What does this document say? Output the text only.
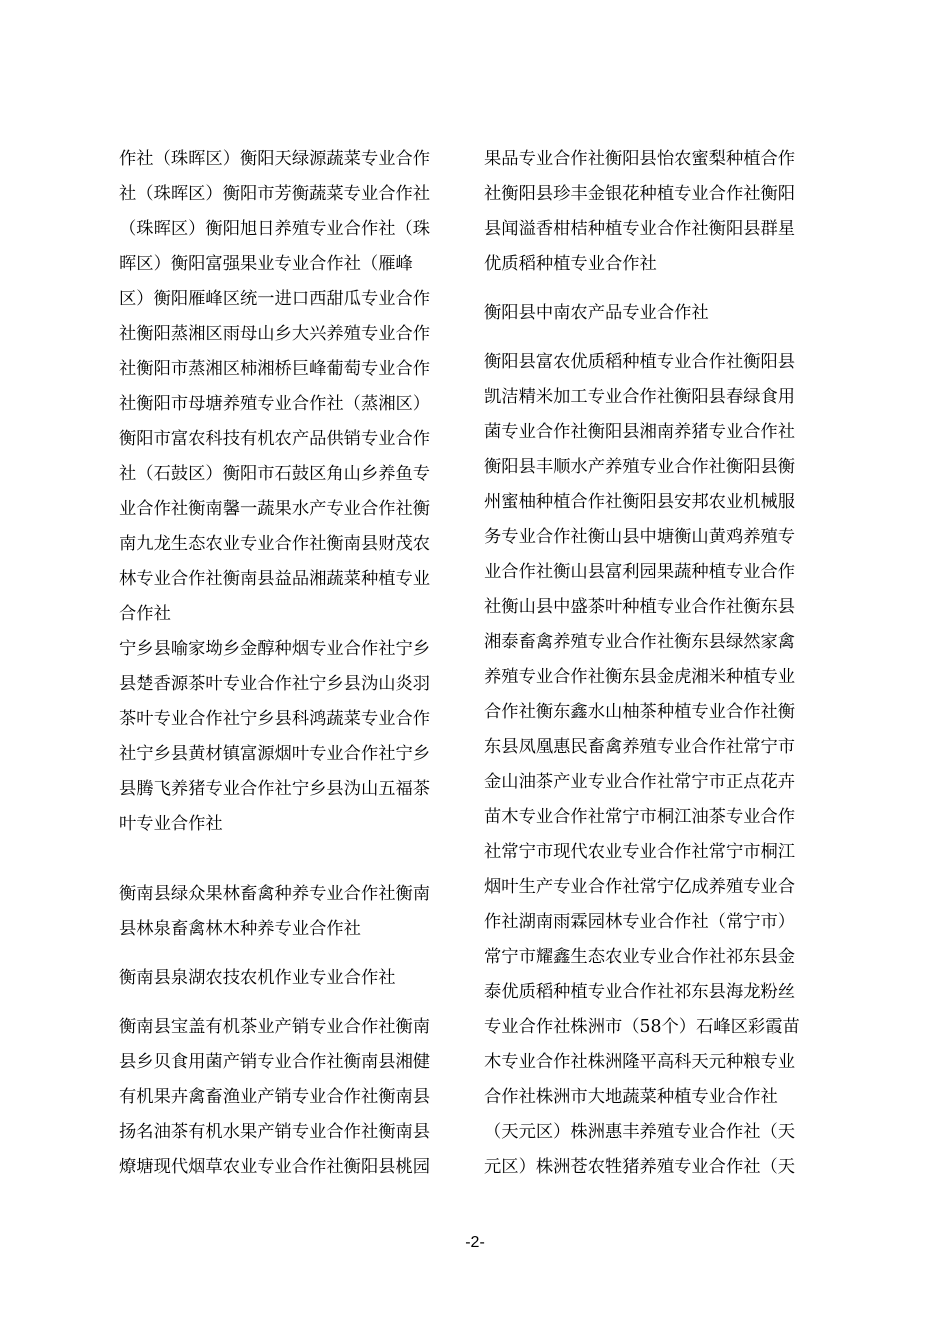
作社（珠晖区）衡阳天绿源蔬菜专业合作
社（珠晖区）衡阳市芳衡蔬菜专业合作社
（珠晖区）衡阳旭日养殖专业合作社（珠
晖区）衡阳富强果业专业合作社（雁峰
区）衡阳雁峰区统一进口西甜瓜专业合作
社衡阳蒸湘区雨母山乡大兴养殖专业合作
社衡阳市蒸湘区柿湘桥巨峰葡萄专业合作
社衡阳市母塘养殖专业合作社（蒸湘区）
衡阳市富农科技有机农产品供销专业合作
社（石鼓区）衡阳市石鼓区角山乡养鱼专
业合作社衡南馨一蔬果水产专业合作社衡
南九龙生态农业专业合作社衡南县财茂农
林专业合作社衡南县益品湘蔬菜种植专业
合作社
宁乡县喻家坳乡金醇种烟专业合作社宁乡
县楚香源茶叶专业合作社宁乡县沩山炎羽
茶叶专业合作社宁乡县科鸿蔬菜专业合作
社宁乡县黄材镇富源烟叶专业合作社宁乡
县腾飞养猪专业合作社宁乡县沩山五福茶
叶专业合作社
衡南县绿众果林畜禽种养专业合作社衡南
县林泉畜禽林木种养专业合作社
衡南县泉湖农技农机作业专业合作社
衡南县宝盖有机茶业产销专业合作社衡南
县乡贝食用菌产销专业合作社衡南县湘健
有机果卉禽畜渔业产销专业合作社衡南县
扬名油茶有机水果产销专业合作社衡南县
燎塘现代烟草农业专业合作社衡阳县桃园
果品专业合作社衡阳县怡农蜜梨种植合作
社衡阳县珍丰金银花种植专业合作社衡阳
县闻溢香柑桔种植专业合作社衡阳县群星
优质稻种植专业合作社
衡阳县中南农产品专业合作社
衡阳县富农优质稻种植专业合作社衡阳县
凯洁精米加工专业合作社衡阳县春绿食用
菌专业合作社衡阳县湘南养猪专业合作社
衡阳县丰顺水产养殖专业合作社衡阳县衡
州蜜柚种植合作社衡阳县安邦农业机械服
务专业合作社衡山县中塘衡山黄鸡养殖专
业合作社衡山县富利园果蔬种植专业合作
社衡山县中盛茶叶种植专业合作社衡东县
湘泰畜禽养殖专业合作社衡东县绿然家禽
养殖专业合作社衡东县金虎湘米种植专业
合作社衡东鑫水山柚茶种植专业合作社衡
东县凤凰惠民畜禽养殖专业合作社常宁市
金山油茶产业专业合作社常宁市正点花卉
苗木专业合作社常宁市桐江油茶专业合作
社常宁市现代农业专业合作社常宁市桐江
烟叶生产专业合作社常宁亿成养殖专业合
作社湖南雨霖园林专业合作社（常宁市）
常宁市耀鑫生态农业专业合作社祁东县金
泰优质稻种植专业合作社祁东县海龙粉丝
专业合作社株洲市（58个）石峰区彩霞苗
木专业合作社株洲隆平高科天元种粮专业
合作社株洲市大地蔬菜种植专业合作社
（天元区）株洲惠丰养殖专业合作社（天
元区）株洲苍农牲猪养殖专业合作社（天
-2-
